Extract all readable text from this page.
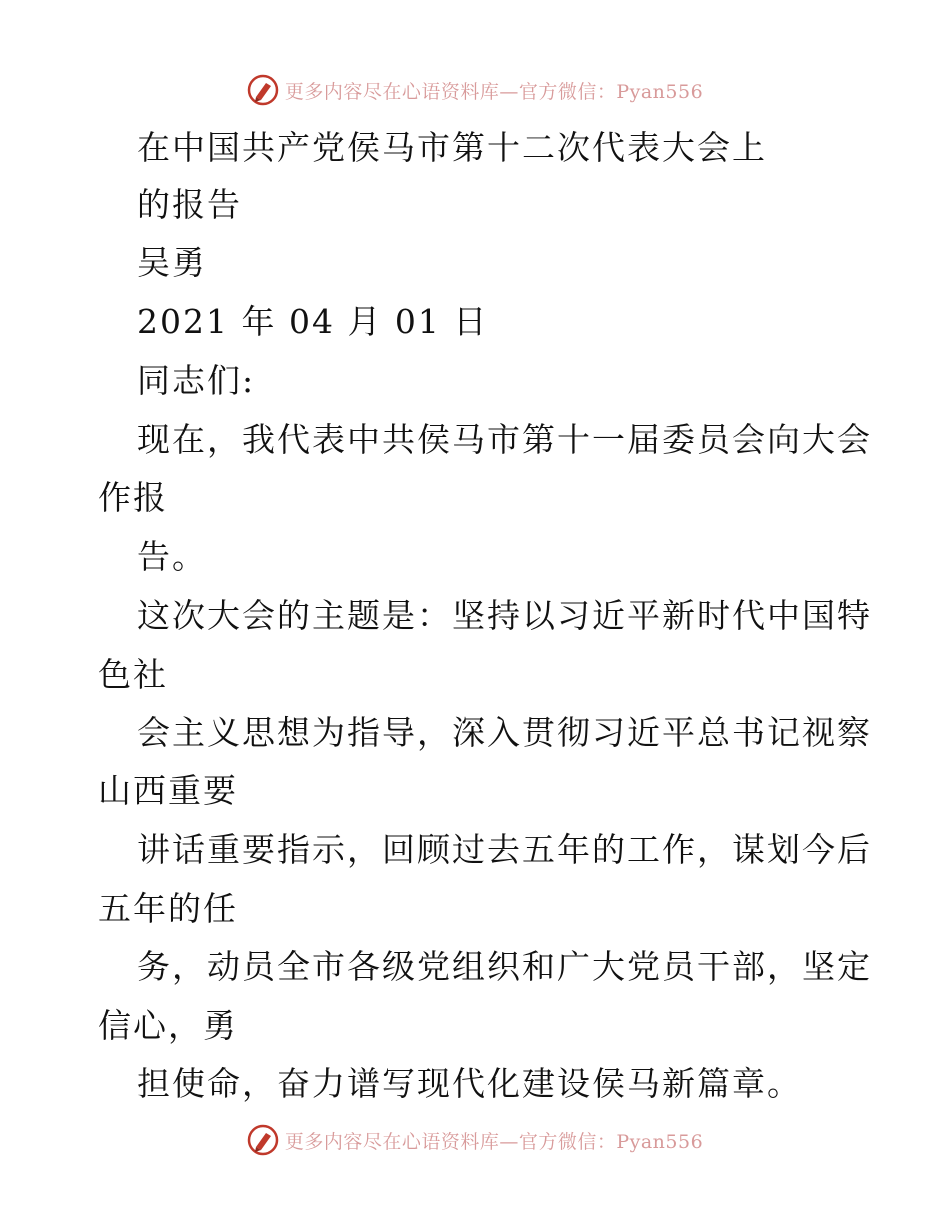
更多内容尽在心语资料库—官方微信：Pyan556
在中国共产党侯马市第十二次代表大会上
的报告
吴勇
2021 年 04 月 01 日
同志们:
现在，我代表中共侯马市第十一届委员会向大会
作报
告。
这次大会的主题是：坚持以习近平新时代中国特
色社
会主义思想为指导，深入贯彻习近平总书记视察
山西重要
讲话重要指示，回顾过去五年的工作，谋划今后
五年的任
务，动员全市各级党组织和广大党员干部，坚定
信心，勇
担使命，奋力谱写现代化建设侯马新篇章。
更多内容尽在心语资料库—官方微信：Pyan556
